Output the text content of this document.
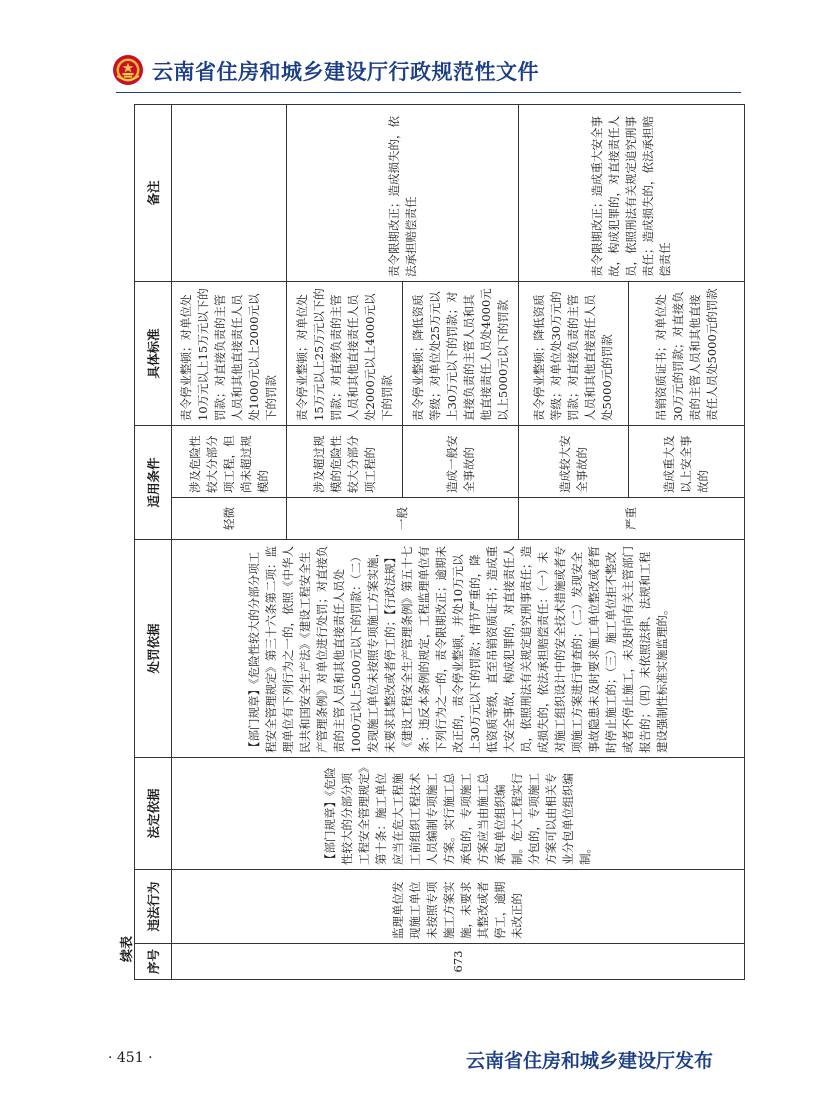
云南省住房和城乡建设厅行政规范性文件
续表 序号	违法行为	法定依据	处罚依据	适用条件		具体标准	备注
673	监理单位发现施工单位未按照专项施工方案实施，未要求其整改或者停工，逾期未改正的	【部门规章】《危险性较大的分部分项工程安全管理规定》第十条：施工单位应当在危大工程施工前组织工程技术人员编制专项施工方案。实行施工总承包的，专项施工方案应当由施工总承包单位组织编制。危大工程实行分包的，专项施工方案可以由相关专业分包单位组织编制。	【部门规章】《危险性较大的分部分项工程安全管理规定》第三十六条第二项：监理单位有下列行为之一的，依照《中华人民共和国安全生产法》《建设工程安全生产管理条例》对单位进行处罚；对直接负责的主管人员和其他直接责任人员处1000元以上5000元以下的罚款：（二）发现施工单位未按照专项施工方案实施，未要求其整改或者停工的；【行政法规】《建设工程安全生产管理条例》第五十七条：违反本条例的规定，工程监理单位有下列行为之一的，责令限期改正；逾期未改正的，责令停业整顿，并处10万元以上30万元以下的罚款；情节严重的，降低资质等级，直至吊销资质证书；造成重大安全事故，构成犯罪的，对直接责任人员，依照刑法有关规定追究刑事责任；造成损失的，依法承担赔偿责任：（一）未对施工组织设计中的安全技术措施或者专项施工方案进行审查的；（二）发现安全事故隐患未及时要求施工单位整改或者暂时停止施工的；（三）施工单位拒不整改或者不停止施工，未及时向有关主管部门报告的；（四）未依照法律、法规和工程建设强制性标准实施监理的。	轻微	涉及危险性较大分部分项工程，但尚未超过规模的	责令停业整顿；对单位处10万元以上15万元以下的罚款；对直接负责的主管人员和其他直接责任人员处1000元以上2000元以下的罚款	
				一般	涉及超过规模的危险性较大分部分项工程的	责令停业整顿；对单位处15万元以上25万元以下的罚款；对直接负责的主管人员和其他直接责任人员处2000元以上4000元以下的罚款	责令限期改正；造成损失的，依法承担赔偿责任
					造成一般安全事故的	责令停业整顿；降低资质等级；对单位处25万元以上30万元以下的罚款；对直接负责的主管人员和其他直接责任人员处4000元以上5000元以下的罚款	
				严重	造成较大安全事故的	责令停业整顿；降低资质等级；对单位处30万元的罚款；对直接负责的主管人员和其他直接责任人员处5000元的罚款	责令限期改正；造成重大安全事故，构成犯罪的，对直接责任人员，依照刑法有关规定追究刑事责任；造成损失的，依法承担赔偿责任
					造成重大及以上安全事故的	吊销资质证书；对单位处30万元的罚款；对直接负责的主管人员和其他直接责任人员处5000元的罚款	
· 451 ·	云南省住房和城乡建设厅发布
